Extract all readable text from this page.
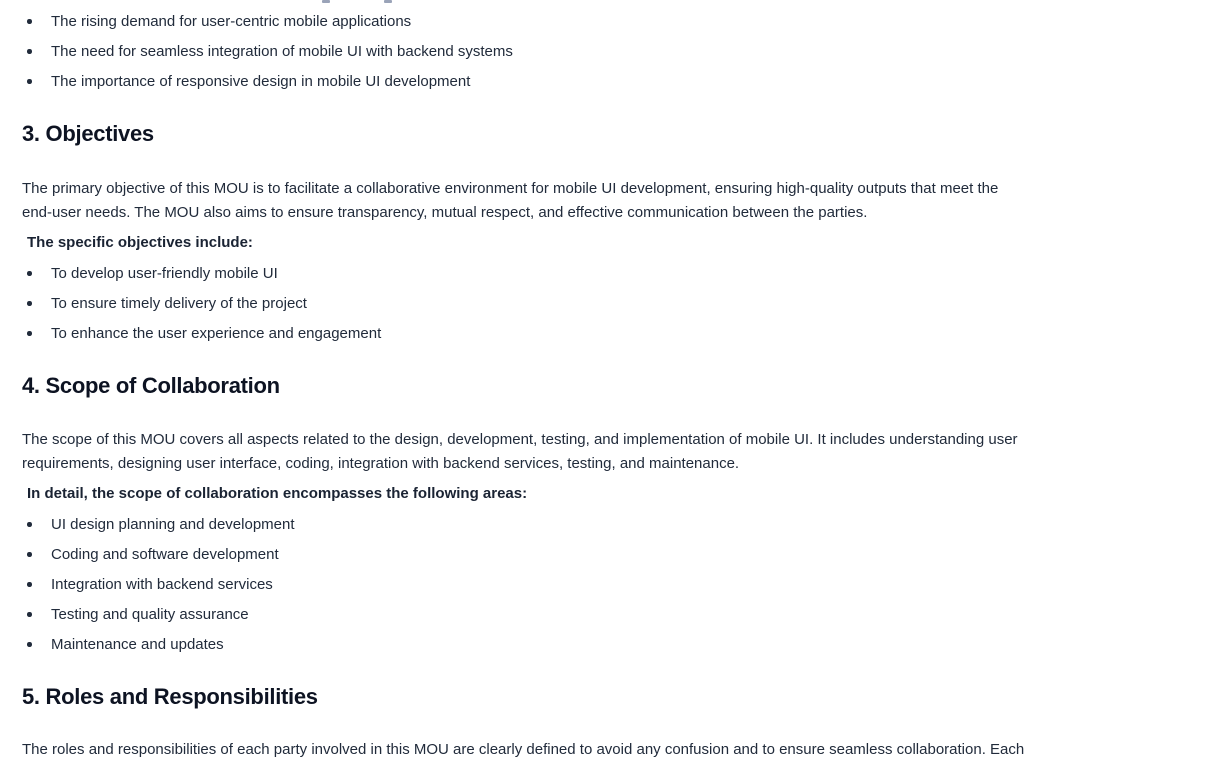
The rising demand for user-centric mobile applications
The need for seamless integration of mobile UI with backend systems
The importance of responsive design in mobile UI development
3. Objectives
The primary objective of this MOU is to facilitate a collaborative environment for mobile UI development, ensuring high-quality outputs that meet the
end-user needs. The MOU also aims to ensure transparency, mutual respect, and effective communication between the parties.
The specific objectives include:
To develop user-friendly mobile UI
To ensure timely delivery of the project
To enhance the user experience and engagement
4. Scope of Collaboration
The scope of this MOU covers all aspects related to the design, development, testing, and implementation of mobile UI. It includes understanding user
requirements, designing user interface, coding, integration with backend services, testing, and maintenance.
In detail, the scope of collaboration encompasses the following areas:
UI design planning and development
Coding and software development
Integration with backend services
Testing and quality assurance
Maintenance and updates
5. Roles and Responsibilities
The roles and responsibilities of each party involved in this MOU are clearly defined to avoid any confusion and to ensure seamless collaboration. Each
